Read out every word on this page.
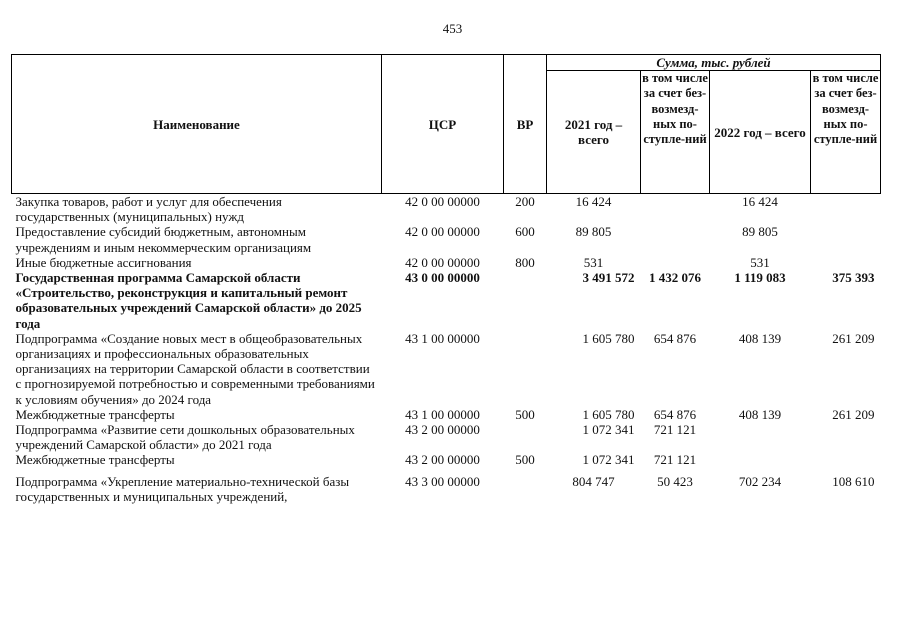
453
Наименование	ЦСР	ВР	Сумма, тыс. рублей			
			2021 год – всего	в том числе за счет без-возмезд-ных по-ступле-ний	2022 год – всего	в том числе за счет без-возмезд-ных по-ступле-ний
Закупка товаров, работ и услуг для обеспечения государственных (муниципальных) нужд	42 0 00 00000	200	16 424		16 424	
Предоставление субсидий бюджетным, автономным учреждениям и иным некоммерческим организациям	42 0 00 00000	600	89 805		89 805	
Иные бюджетные ассигнования	42 0 00 00000	800	531		531	
Государственная программа Самарской области «Строительство, реконструкция и капитальный ремонт образовательных учреждений Самарской области» до 2025 года	43 0 00 00000		3 491 572	1 432 076	1 119 083	375 393
Подпрограмма «Создание новых мест в общеобразовательных организациях и профессиональных образовательных организациях на территории Самарской области в соответствии с прогнозируемой потребностью и современными требованиями к условиям обучения» до 2024 года	43 1 00 00000		1 605 780	654 876	408 139	261 209
Межбюджетные трансферты	43 1 00 00000	500	1 605 780	654 876	408 139	261 209
Подпрограмма «Развитие сети дошкольных образовательных учреждений Самарской области» до 2021 года	43 2 00 00000		1 072 341	721 121		
Межбюджетные трансферты	43 2 00 00000	500	1 072 341	721 121		
Подпрограмма «Укрепление материально-технической базы государственных и муниципальных учреждений,	43 3 00 00000		804 747	50 423	702 234	108 610
